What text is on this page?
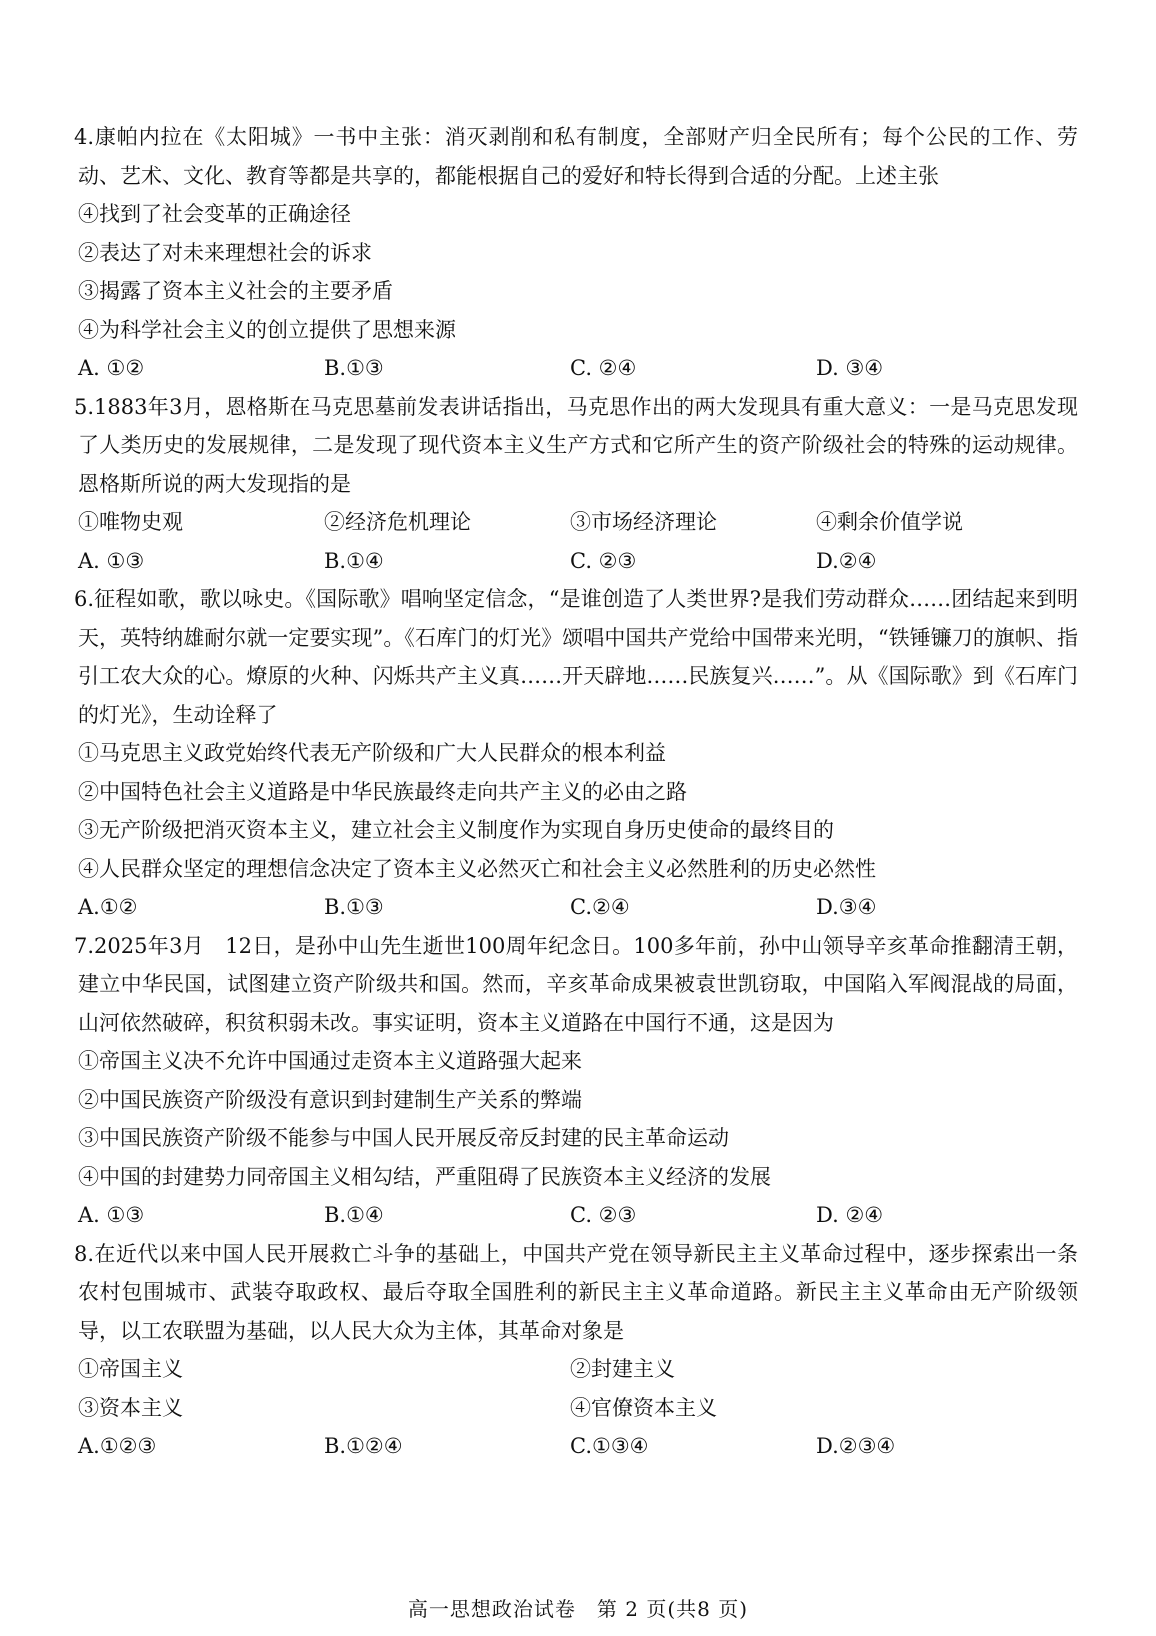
4.康帕内拉在《太阳城》一书中主张：消灭剥削和私有制度，全部财产归全民所有；每个公民的工作、劳动、艺术、文化、教育等都是共享的，都能根据自己的爱好和特长得到合适的分配。上述主张

④找到了社会变革的正确途径

②表达了对未来理想社会的诉求

③揭露了资本主义社会的主要矛盾

④为科学社会主义的创立提供了思想来源

A. ①②	B.①③	C. ②④	D. ③④

5.1883年3月，恩格斯在马克思墓前发表讲话指出，马克思作出的两大发现具有重大意义：一是马克思发现了人类历史的发展规律，二是发现了现代资本主义生产方式和它所产生的资产阶级社会的特殊的运动规律。恩格斯所说的两大发现指的是

①唯物史观	②经济危机理论	③市场经济理论	④剩余价值学说
A. ①③	B.①④	C. ②③	D.②④

6.征程如歌，歌以咏史。《国际歌》唱响坚定信念，“是谁创造了人类世界?是我们劳动群众……团结起来到明天，英特纳雄耐尔就一定要实现”。《石库门的灯光》颂唱中国共产党给中国带来光明，“铁锤镰刀的旗帜、指引工农大众的心。燎原的火种、闪烁共产主义真……开天辟地……民族复兴……”。从《国际歌》到《石库门的灯光》，生动诠释了

①马克思主义政党始终代表无产阶级和广大人民群众的根本利益

②中国特色社会主义道路是中华民族最终走向共产主义的必由之路

③无产阶级把消灭资本主义，建立社会主义制度作为实现自身历史使命的最终目的

④人民群众坚定的理想信念决定了资本主义必然灭亡和社会主义必然胜利的历史必然性

A.①②	B.①③	C.②④	D.③④

7.2025年3月　12日，是孙中山先生逝世100周年纪念日。100多年前，孙中山领导辛亥革命推翻清王朝，建立中华民国，试图建立资产阶级共和国。然而，辛亥革命成果被袁世凯窃取，中国陷入军阀混战的局面，山河依然破碎，积贫积弱未改。事实证明，资本主义道路在中国行不通，这是因为

①帝国主义决不允许中国通过走资本主义道路强大起来

②中国民族资产阶级没有意识到封建制生产关系的弊端

③中国民族资产阶级不能参与中国人民开展反帝反封建的民主革命运动

④中国的封建势力同帝国主义相勾结，严重阻碍了民族资本主义经济的发展

A. ①③	B.①④	C. ②③	D. ②④

8.在近代以来中国人民开展救亡斗争的基础上，中国共产党在领导新民主主义革命过程中，逐步探索出一条农村包围城市、武装夺取政权、最后夺取全国胜利的新民主主义革命道路。新民主主义革命由无产阶级领导，以工农联盟为基础，以人民大众为主体，其革命对象是

①帝国主义	②封建主义
③资本主义	④官僚资本主义
A.①②③	B.①②④	C.①③④	D.②③④
高一思想政治试卷　第 2 页(共8 页)
